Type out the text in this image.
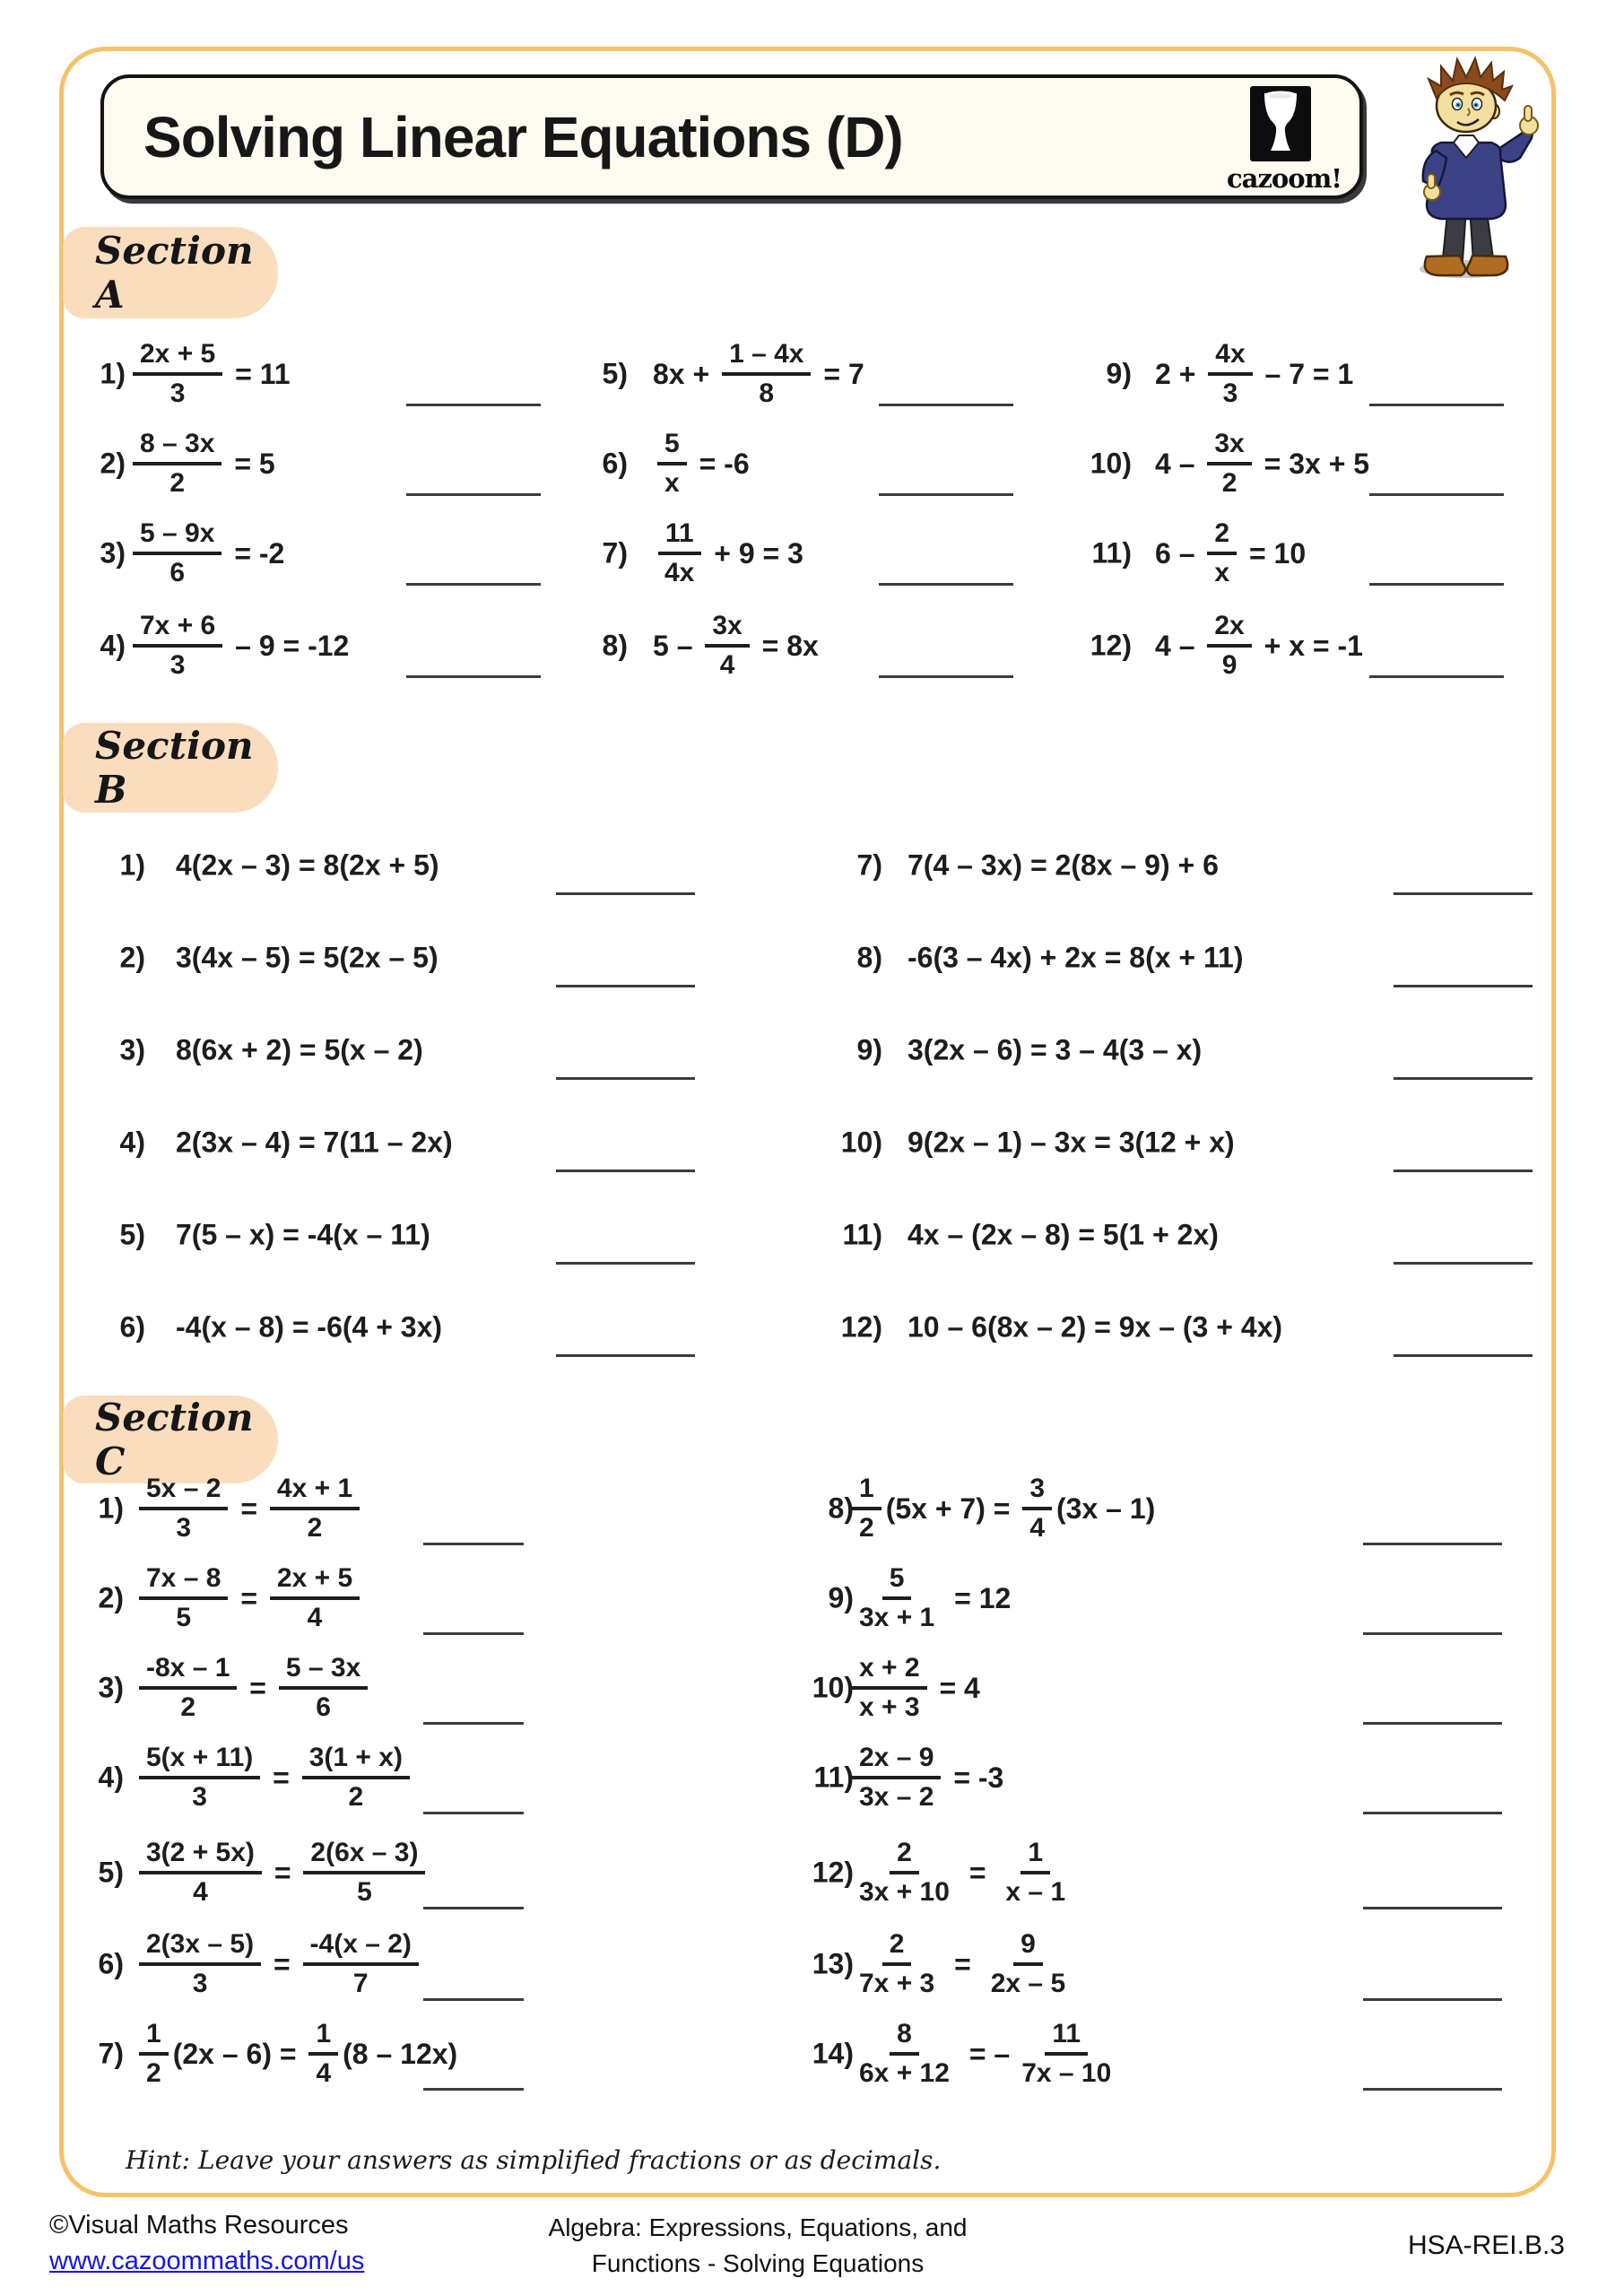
Solving Linear Equations (D)
cazoom!
Section A
$1) \frac{2x + 5}{3} = 11$
$2) \frac{8 - 3x}{2} = 5$
$3) \frac{5 - 9x}{6} = -2$
$4) \frac{7x + 6}{3} - 9 = -12$
5) $8x + \frac{1 - 4x}{8} = 7$
$6) \frac{5}{x} = -6$
$7) \frac{11}{4x} + 9 = 3$
8) $5 - \frac{3x}{4} = 8x$
9) $2 + \frac{4x}{3} - 7 = 1$
10) $4 - \frac{3x}{2} = 3x + 5$
11) $6 - \frac{2}{x} = 10$
12) $4 - \frac{2x}{9} + x = -1$
Section B
1) 4(2x – 3) = 8(2x + 5)
2) 3(4x – 5) = 5(2x – 5)
3) 8(6x + 2) = 5(x – 2)
4) 2(3x – 4) = 7(11 – 2x)
5) 7(5 – x) = -4(x – 11)
6) -4(x – 8) = -6(4 + 3x)
7) 7(4 – 3x) = 2(8x – 9) + 6
8) -6(3 – 4x) + 2x = 8(x + 11)
9) 3(2x – 6) = 3 – 4(3 – x)
10) 9(2x – 1) – 3x = 3(12 + x)
11) 4x – (2x – 8) = 5(1 + 2x)
12) 10 – 6(8x – 2) = 9x – (3 + 4x)
Section C
$1) \frac{5x - 2}{3} = \frac{4x + 1}{2}$
$2) \frac{7x - 8}{5} = \frac{2x + 5}{4}$
$3) \frac{-8x - 1}{2} = \frac{5 - 3x}{6}$
$4) \frac{5(x + 11)}{3} = \frac{3(1 + x)}{2}$
$5) \frac{3(2 + 5x)}{4} = \frac{2(6x - 3)}{5}$
$6) \frac{2(3x - 5)}{3} = \frac{-4(x - 2)}{7}$
$7) \frac{1}{2} (2x - 6) = \frac{1}{4} (8 - 12x)$
8)
$\frac{1}{2} (5x + 7) = \frac{3}{4} (3x - 1)$
9)
$\frac{5}{3x + 1} = 12$
10)
$\frac{x + 2}{x + 3} = 4$
11)
$\frac{2x - 9}{3x - 2} = -3$
12)
$\frac{2}{3x + 10} = \frac{1}{x - 1}$
13)
$\frac{2}{7x + 3} = \frac{9}{2x - 5}$
14)
$\frac{8}{6x + 12}$ = – $\frac{11}{7x - 10}$
Hint: Leave your answers as simplified fractions or as decimals.
©Visual Maths Resources
www.cazoommaths.com/us
Algebra: Expressions, Equations, and
Functions - Solving Equations
HSA-REI.B.3
